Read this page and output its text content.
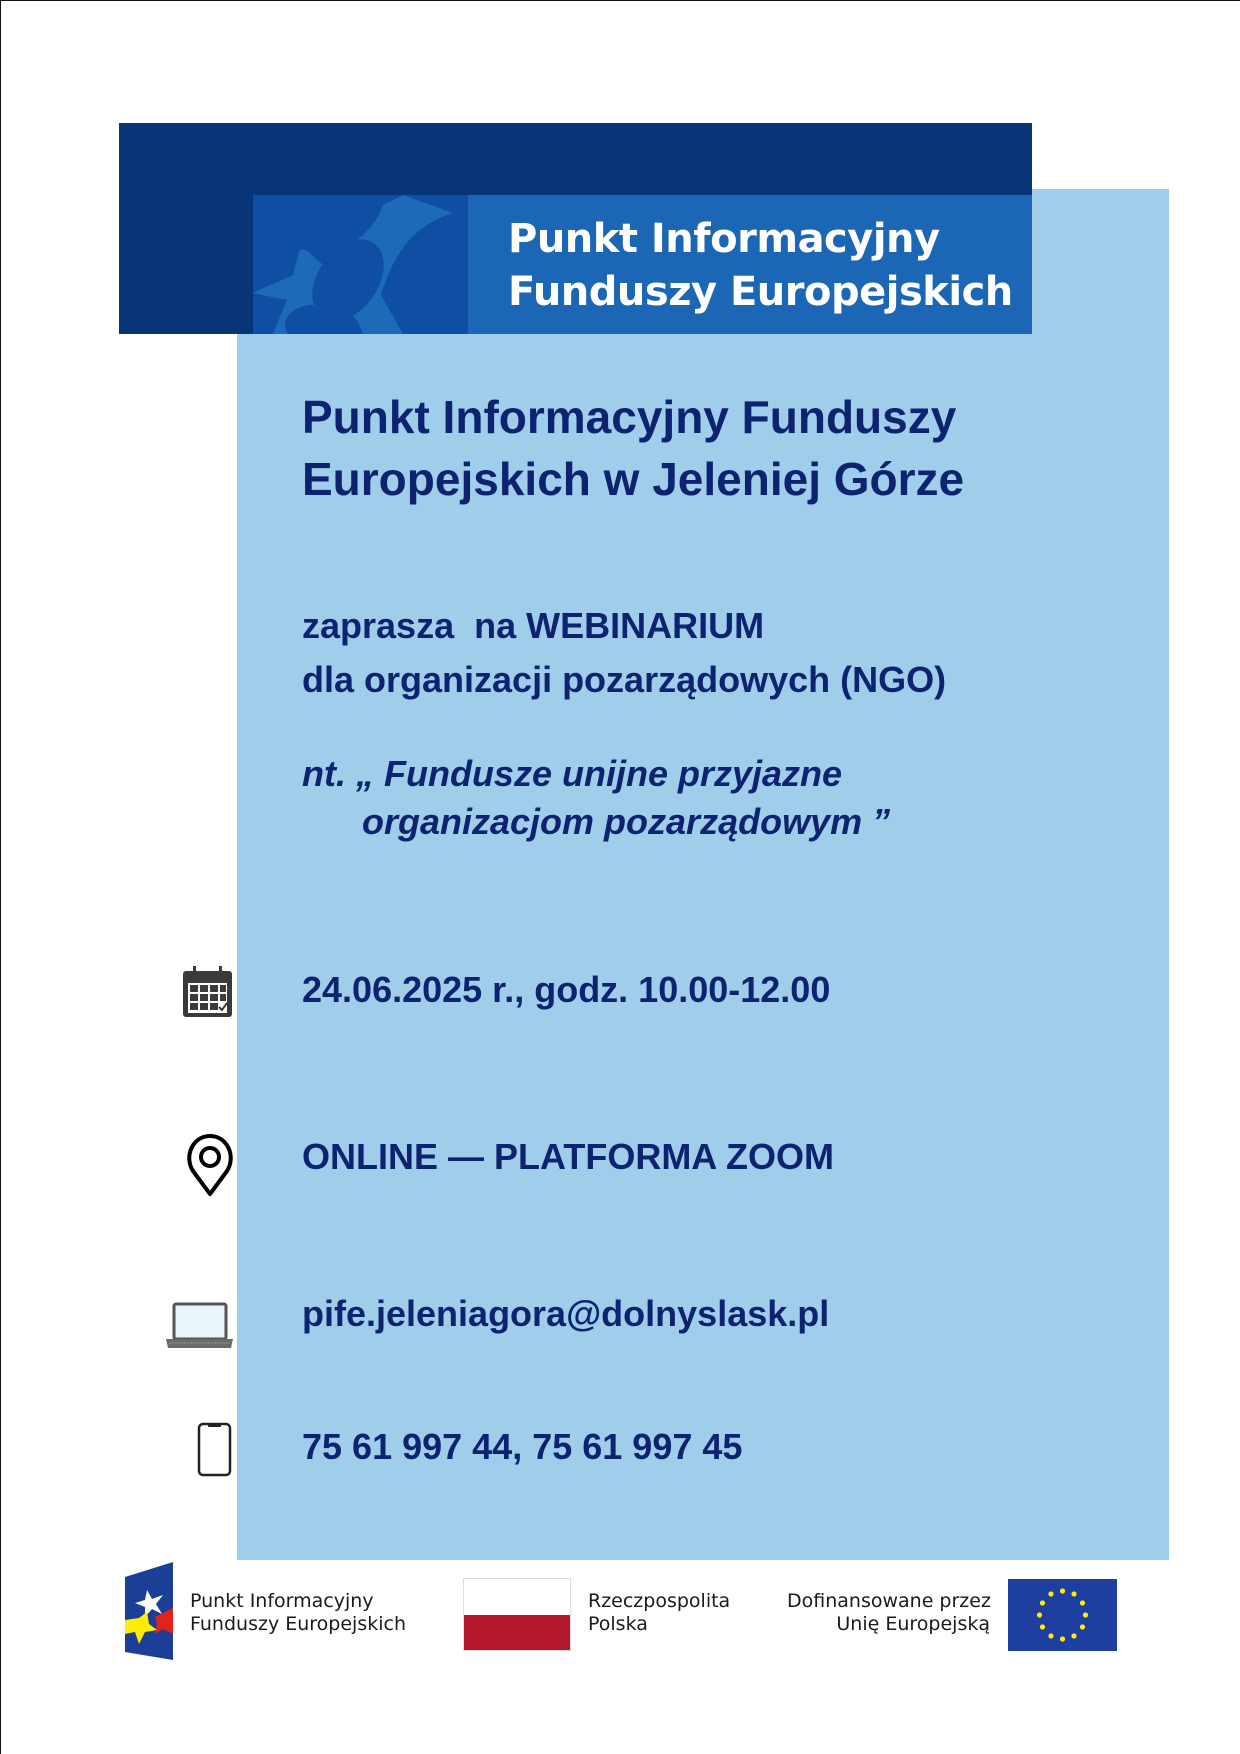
Punkt Informacyjny
Funduszy Europejskich
Punkt Informacyjny Funduszy
Europejskich w Jeleniej Górze
zaprasza  na WEBINARIUM
dla organizacji pozarządowych (NGO)
nt. „ Fundusze unijne przyjazne
organizacjom pozarządowym ”
24.06.2025 r., godz. 10.00-12.00
ONLINE — PLATFORMA ZOOM
pife.jeleniagora@dolnyslask.pl
75 61 997 44, 75 61 997 45
Punkt Informacyjny
Funduszy Europejskich
Rzeczpospolita
Polska
Dofinansowane przez
Unię Europejską
